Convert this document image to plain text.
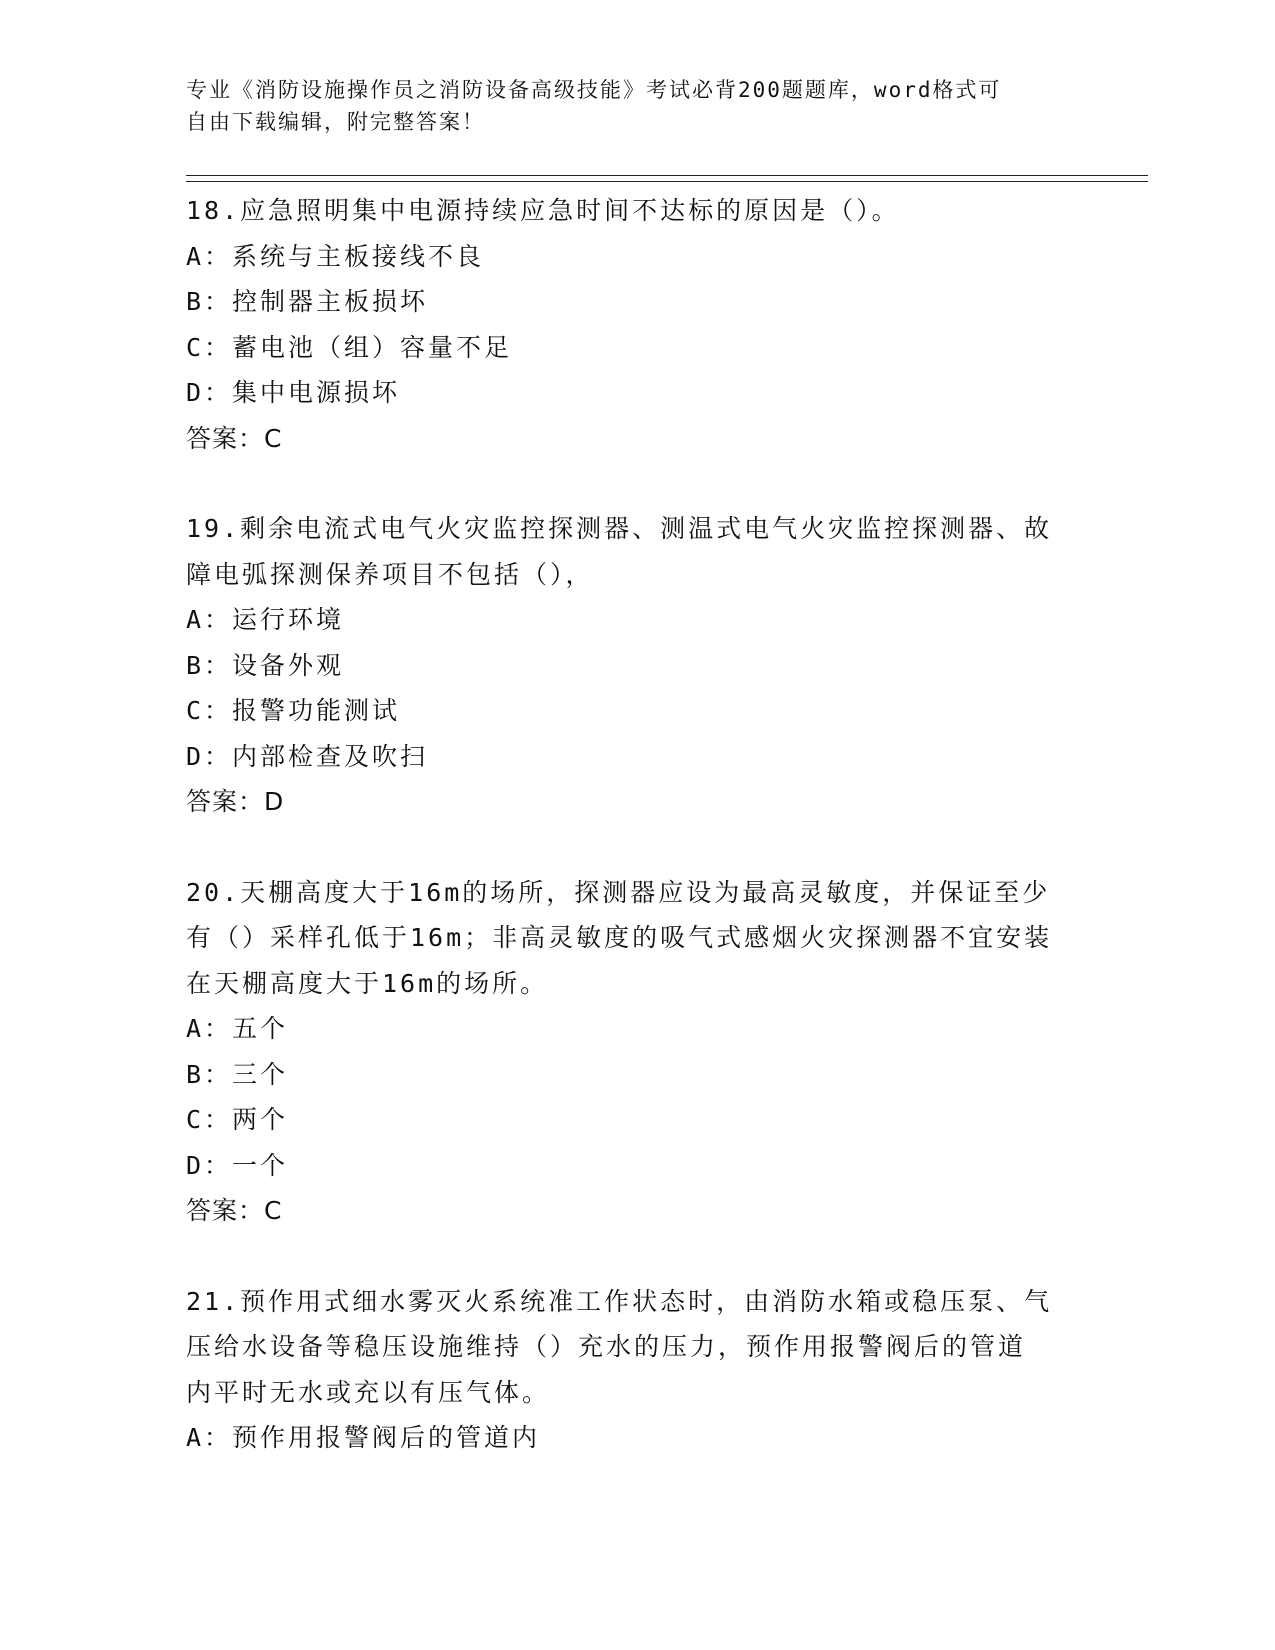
专业《消防设施操作员之消防设备高级技能》考试必背200题题库，word格式可
自由下载编辑，附完整答案！
18.应急照明集中电源持续应急时间不达标的原因是（）。
A：系统与主板接线不良
B：控制器主板损坏
C：蓄电池（组）容量不足
D：集中电源损坏
答案：C
19.剩余电流式电气火灾监控探测器、测温式电气火灾监控探测器、故
障电弧探测保养项目不包括（），
A：运行环境
B：设备外观
C：报警功能测试
D：内部检查及吹扫
答案：D
20.天棚高度大于16m的场所，探测器应设为最高灵敏度，并保证至少
有（）采样孔低于16m；非高灵敏度的吸气式感烟火灾探测器不宜安装
在天棚高度大于16m的场所。
A：五个
B：三个
C：两个
D：一个
答案：C
21.预作用式细水雾灭火系统准工作状态时，由消防水箱或稳压泵、气
压给水设备等稳压设施维持（）充水的压力，预作用报警阀后的管道
内平时无水或充以有压气体。
A：预作用报警阀后的管道内
